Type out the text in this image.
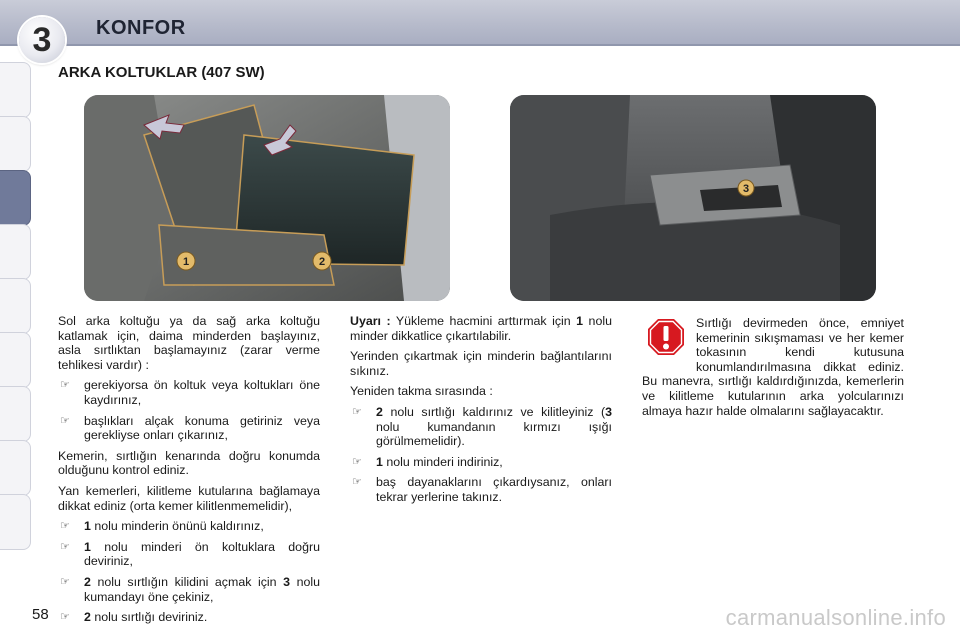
3 KONFOR
ARKA KOLTUKLAR (407 SW)
1	2
3

Sol arka koltuğu ya da sağ arka koltuğu katlamak için, daima minderden başlayınız, asla sırtlıktan başlamayınız (zarar verme tehlikesi vardır) :

☞	gerekiyorsa ön koltuk veya koltukları öne kaydırınız,
☞	başlıkları alçak konuma getiriniz veya gerekliyse onları çıkarınız,

Kemerin, sırtlığın kenarında doğru konumda olduğunu kontrol ediniz.

Yan kemerleri, kilitleme kutularına bağlamaya dikkat ediniz (orta kemer kilitlenmemelidir),

☞	1 nolu minderin önünü kaldırınız,
☞	1 nolu minderi ön koltuklara doğru deviriniz,
☞	2 nolu sırtlığın kilidini açmak için 3 nolu kumandayı öne çekiniz,
☞	2 nolu sırtlığı deviriniz.

Uyarı : Yükleme hacmini arttırmak için 1 nolu minder dikkatlice çıkartılabilir.

Yerinden çıkartmak için minderin bağlantılarını sıkınız.

Yeniden takma sırasında :

☞	2 nolu sırtlığı kaldırınız ve kilitleyiniz (3 nolu kumandanın kırmızı ışığı görülmemelidir).
☞	1 nolu minderi indiriniz,
☞	baş dayanaklarını çıkardıysanız, onları tekrar yerlerine takınız.
Sırtlığı devirmeden önce, emniyet kemerinin sıkışmaması ve her kemer tokasının kendi kutusuna konumlandırılmasına dikkat ediniz. Bu manevra, sırtlığı kaldırdığınızda, kemerlerin ve kilitleme kutularının arka yolcularınızı almaya hazır halde olmalarını sağlayacaktır.
58	carmanualsonline.info
